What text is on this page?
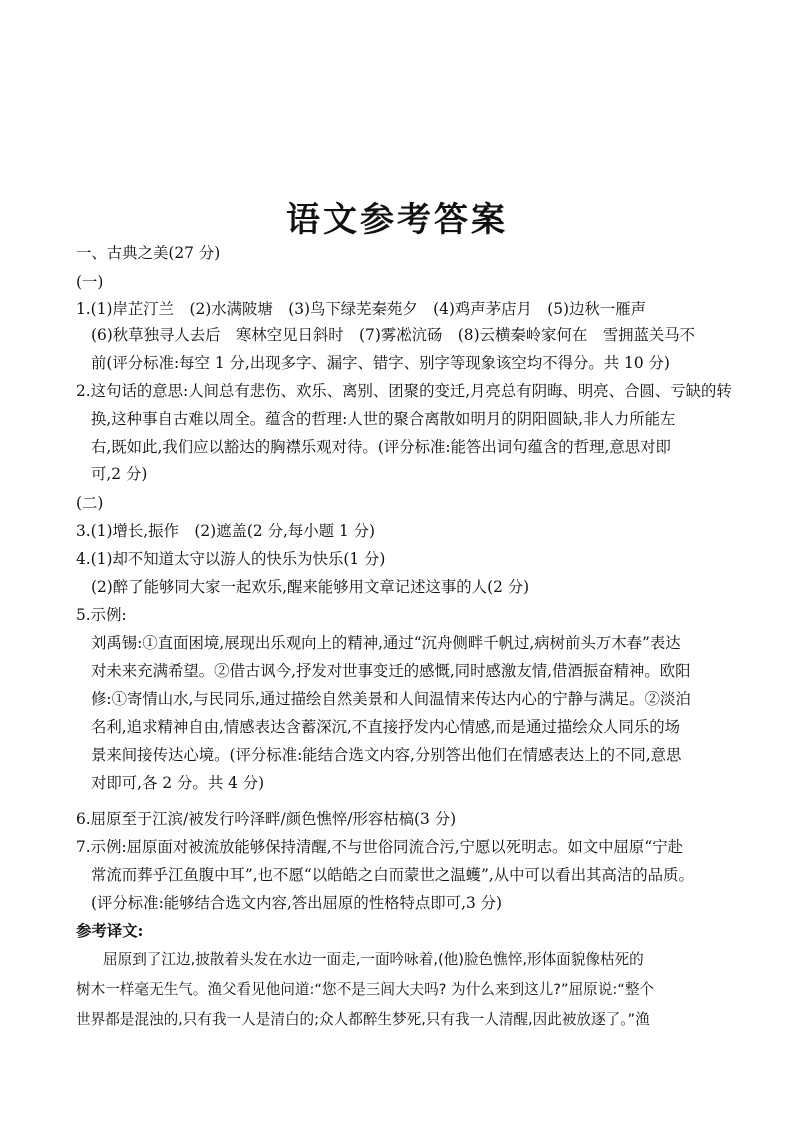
语文参考答案
一、古典之美(27 分)
(一)
1.(1)岸芷汀兰　(2)水满陂塘　(3)鸟下绿芜秦苑夕　(4)鸡声茅店月　(5)边秋一雁声
(6)秋草独寻人去后　寒林空见日斜时　(7)雾凇沆砀　(8)云横秦岭家何在　雪拥蓝关马不
前(评分标准:每空 1 分,出现多字、漏字、错字、别字等现象该空均不得分。共 10 分)
2.这句话的意思:人间总有悲伤、欢乐、离别、团聚的变迁,月亮总有阴晦、明亮、合圆、亏缺的转
换,这种事自古难以周全。蕴含的哲理:人世的聚合离散如明月的阴阳圆缺,非人力所能左
右,既如此,我们应以豁达的胸襟乐观对待。(评分标准:能答出词句蕴含的哲理,意思对即
可,2 分)
(二)
3.(1)增长,振作　(2)遮盖(2 分,每小题 1 分)
4.(1)却不知道太守以游人的快乐为快乐(1 分)
(2)醉了能够同大家一起欢乐,醒来能够用文章记述这事的人(2 分)
5.示例:
刘禹锡:①直面困境,展现出乐观向上的精神,通过“沉舟侧畔千帆过,病树前头万木春”表达
对未来充满希望。②借古讽今,抒发对世事变迁的感慨,同时感激友情,借酒振奋精神。欧阳
修:①寄情山水,与民同乐,通过描绘自然美景和人间温情来传达内心的宁静与满足。②淡泊
名利,追求精神自由,情感表达含蓄深沉,不直接抒发内心情感,而是通过描绘众人同乐的场
景来间接传达心境。(评分标准:能结合选文内容,分别答出他们在情感表达上的不同,意思
对即可,各 2 分。共 4 分)
6.屈原至于江滨/被发行吟泽畔/颜色憔悴/形容枯槁(3 分)
7.示例:屈原面对被流放能够保持清醒,不与世俗同流合污,宁愿以死明志。如文中屈原“宁赴
常流而葬乎江鱼腹中耳”,也不愿“以皓皓之白而蒙世之温蠖”,从中可以看出其高洁的品质。
(评分标准:能够结合选文内容,答出屈原的性格特点即可,3 分)
参考译文:
屈原到了江边,披散着头发在水边一面走,一面吟咏着,(他)脸色憔悴,形体面貌像枯死的
树木一样毫无生气。渔父看见他问道:“您不是三闾大夫吗? 为什么来到这儿?”屈原说:“整个
世界都是混浊的,只有我一人是清白的;众人都醉生梦死,只有我一人清醒,因此被放逐了。”渔
